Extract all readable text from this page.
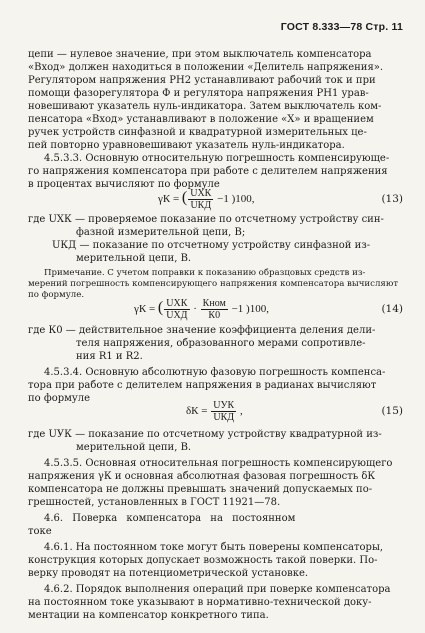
ГОСТ 8.333—78 Стр. 11
цепи — нулевое значение, при этом выключатель компенсатора
«Вход» должен находиться в положении «Делитель напряжения».
Регулятором напряжения РН2 устанавливают рабочий ток и при
помощи фазорегулятора Ф и регулятора напряжения РН1 урав-
новешивают указатель нуль-индикатора. Затем выключатель ком-
пенсатора «Вход» устанавливают в положение «Х» и вращением
ручек устройств синфазной и квадратурной измерительных це-
пей повторно уравновешивают указатель нуль-индикатора.
4.5.3.3. Основную относительную погрешность компенсирующе-
го напряжения компенсатора при работе с делителем напряжения
в процентах вычисляют по формуле
γК = ( $\frac{\text{UХК}}{\text{UКД}} -1$ )100,	(13)
где UХК — проверяемое показание по отсчетному устройству син-
фазной измерительной цепи, В;
UКД — показание по отсчетному устройству синфазной из-
мерительной цепи, В.
Примечание. С учетом поправки к показанию образцовых средств из-
мерений погрешность компенсирующего напряжения компенсатора вычисляют
по формуле.
γК = ( $\frac{\text{UХК}}{\text{UХД}} \cdot \frac{\text{Кном}}{К0} -1$ )100,	(14)
где К0 — действительное значение коэффициента деления дели-
теля напряжения, образованного мерами сопротивле-
ния R1 и R2.
4.5.3.4. Основную абсолютную фазовую погрешность компенса-
тора при работе с делителем напряжения в радианах вычисляют
по формуле
$\delta К = \frac{\text{UУК}}{\text{UКД}}$ ,	(15)
где UУК — показание по отсчетному устройству квадратурной из-
мерительной цепи, В.
4.5.3.5. Основная относительная погрешность компенсирующего
напряжения γК и основная абсолютная фазовая погрешность δК
компенсатора не должны превышать значений допускаемых по-
грешностей, установленных в ГОСТ 11921—78.
4.6. Поверка компенсатора на постоянном
токе
4.6.1. На постоянном токе могут быть поверены компенсаторы,
конструкция которых допускает возможность такой поверки. По-
верку проводят на потенциометрической установке.
4.6.2. Порядок выполнения операций при поверке компенсатора
на постоянном токе указывают в нормативно-технической доку-
ментации на компенсатор конкретного типа.
